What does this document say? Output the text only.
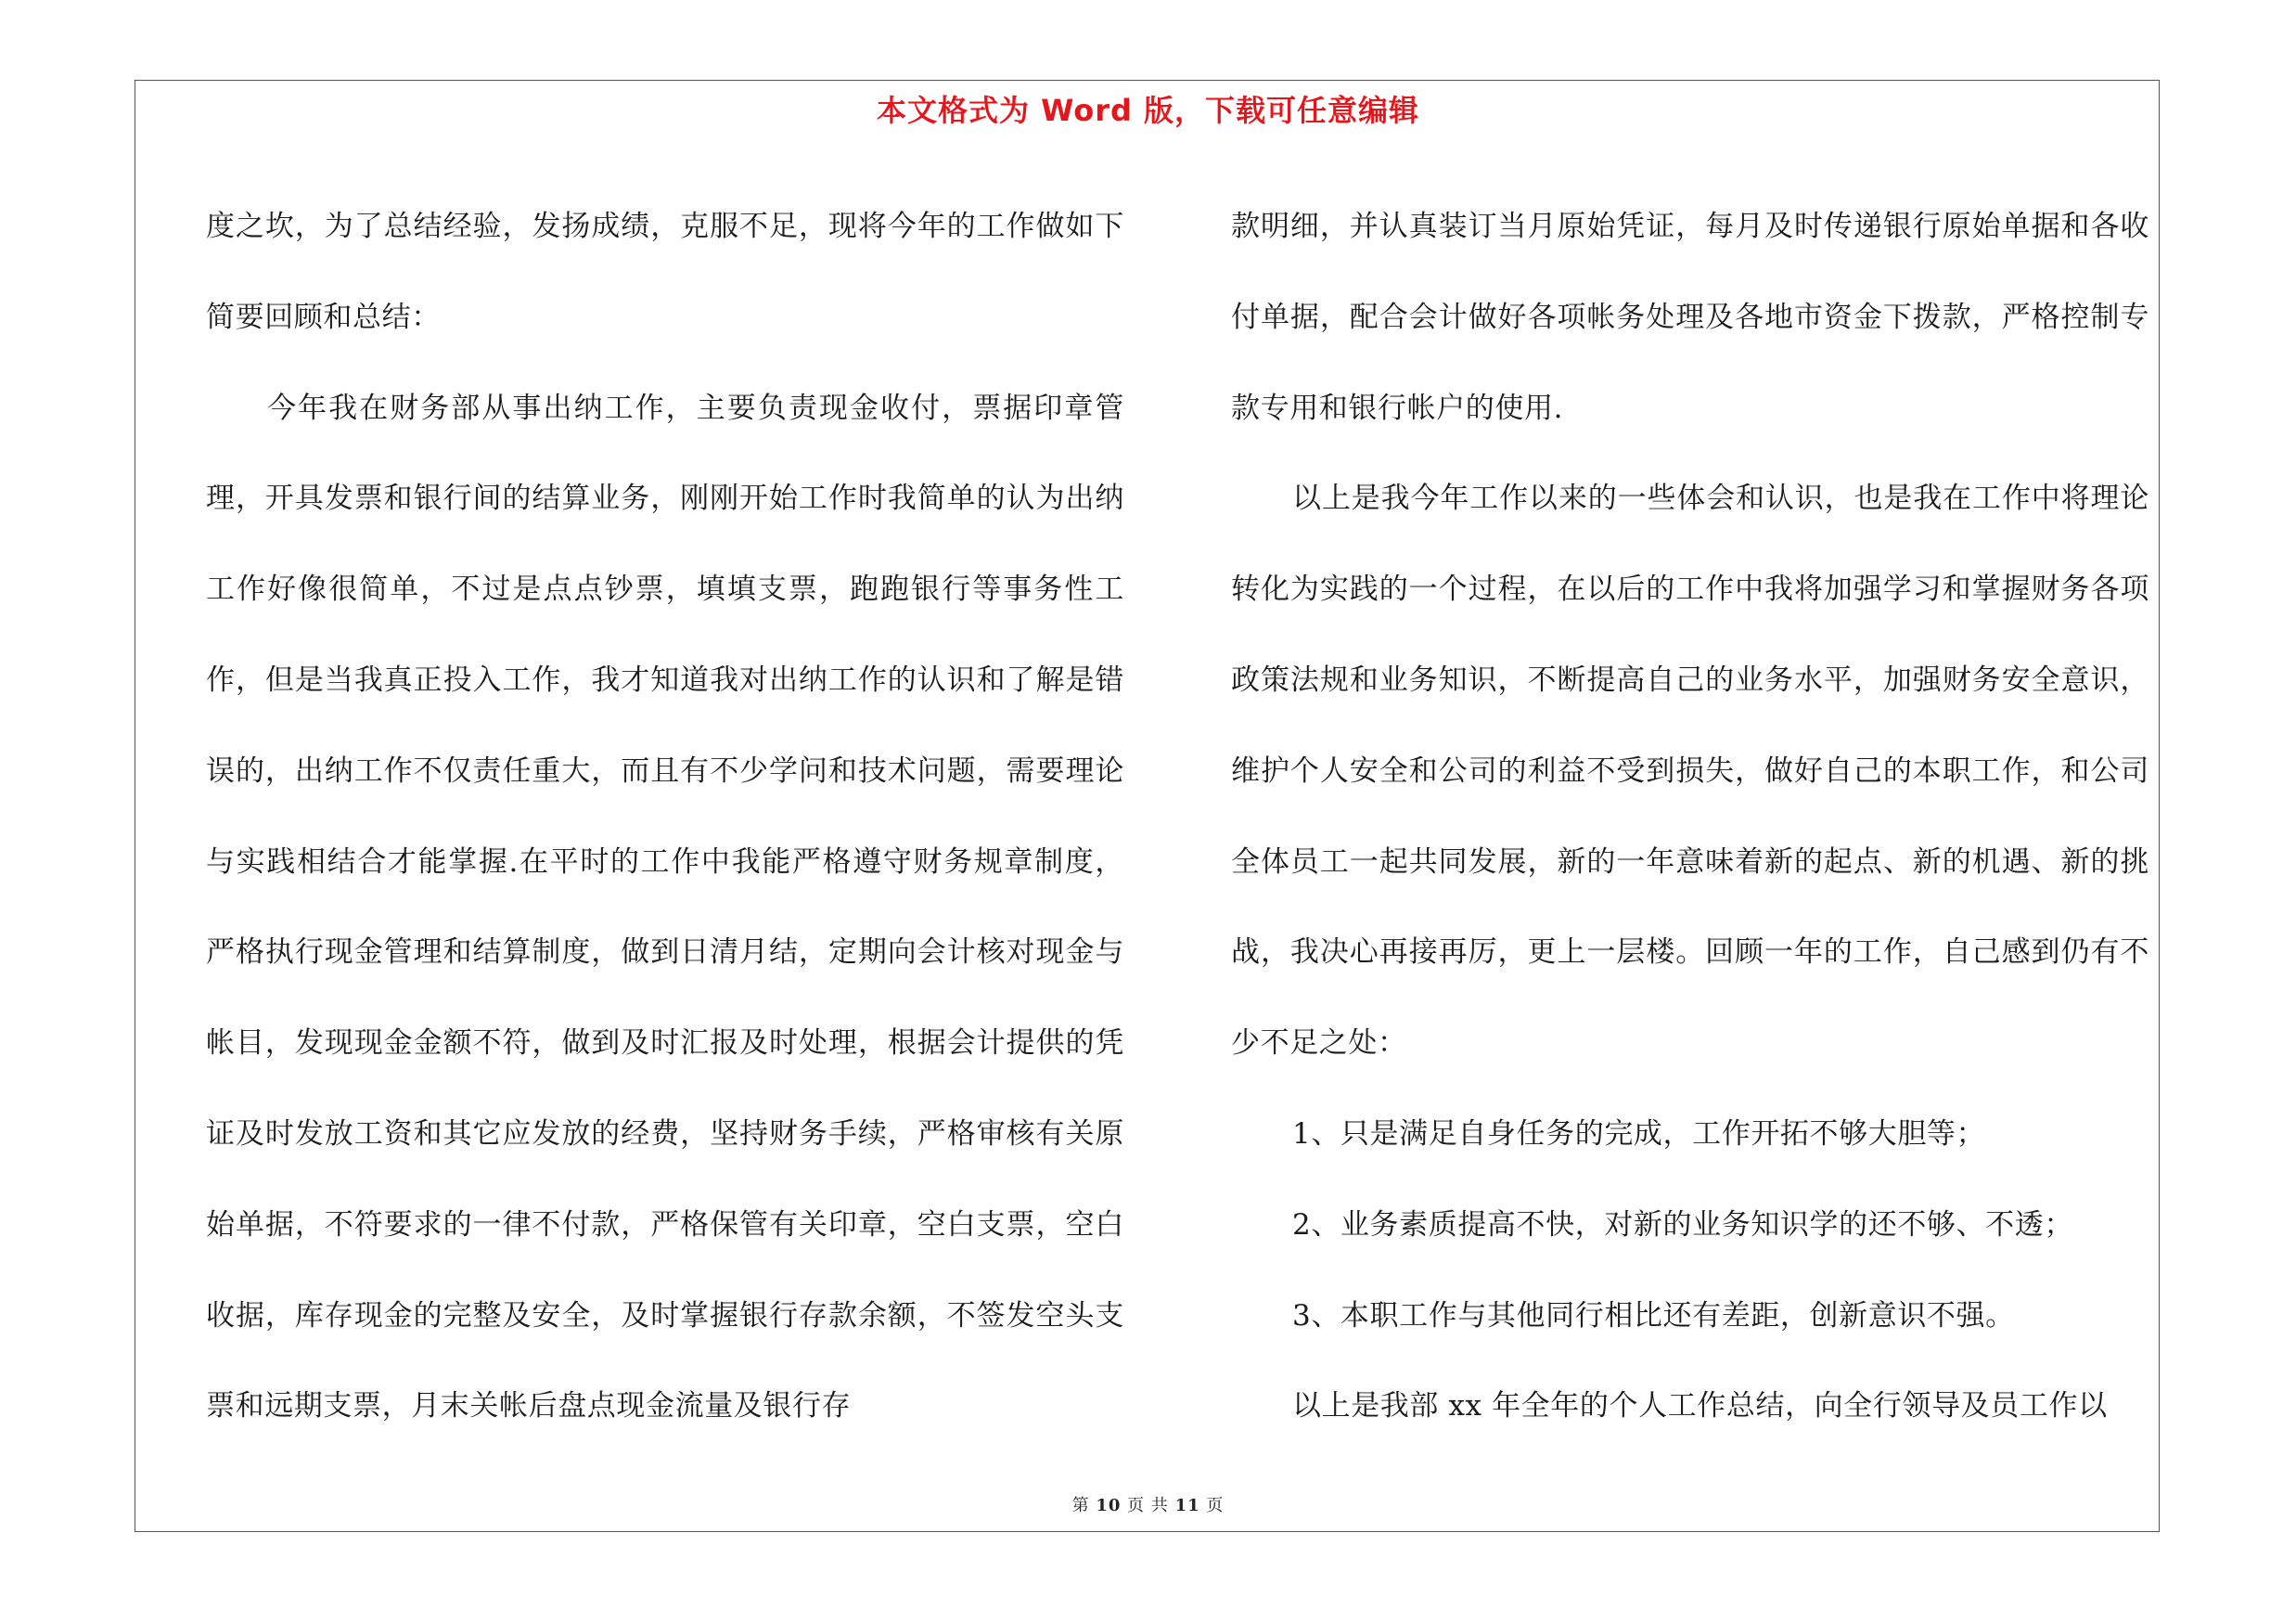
本文格式为 Word 版，下载可任意编辑

度之坎，为了总结经验，发扬成绩，克服不足，现将今年的工作做如下简要回顾和总结：

今年我在财务部从事出纳工作，主要负责现金收付，票据印章管理，开具发票和银行间的结算业务，刚刚开始工作时我简单的认为出纳工作好像很简单，不过是点点钞票，填填支票，跑跑银行等事务性工作，但是当我真正投入工作，我才知道我对出纳工作的认识和了解是错误的，出纳工作不仅责任重大，而且有不少学问和技术问题，需要理论与实践相结合才能掌握.在平时的工作中我能严格遵守财务规章制度，严格执行现金管理和结算制度，做到日清月结，定期向会计核对现金与帐目，发现现金金额不符，做到及时汇报及时处理，根据会计提供的凭证及时发放工资和其它应发放的经费，坚持财务手续，严格审核有关原始单据，不符要求的一律不付款，严格保管有关印章，空白支票，空白收据，库存现金的完整及安全，及时掌握银行存款余额，不签发空头支票和远期支票，月末关帐后盘点现金流量及银行存

款明细，并认真装订当月原始凭证，每月及时传递银行原始单据和各收付单据，配合会计做好各项帐务处理及各地市资金下拨款，严格控制专款专用和银行帐户的使用.

以上是我今年工作以来的一些体会和认识，也是我在工作中将理论转化为实践的一个过程，在以后的工作中我将加强学习和掌握财务各项政策法规和业务知识，不断提高自己的业务水平，加强财务安全意识，维护个人安全和公司的利益不受到损失，做好自己的本职工作，和公司全体员工一起共同发展，新的一年意味着新的起点、新的机遇、新的挑战，我决心再接再厉，更上一层楼。回顾一年的工作，自己感到仍有不少不足之处：

1、只是满足自身任务的完成，工作开拓不够大胆等；

2、业务素质提高不快，对新的业务知识学的还不够、不透；

3、本职工作与其他同行相比还有差距，创新意识不强。

以上是我部 xx 年全年的个人工作总结，向全行领导及员工作以

第 10 页 共 11 页
